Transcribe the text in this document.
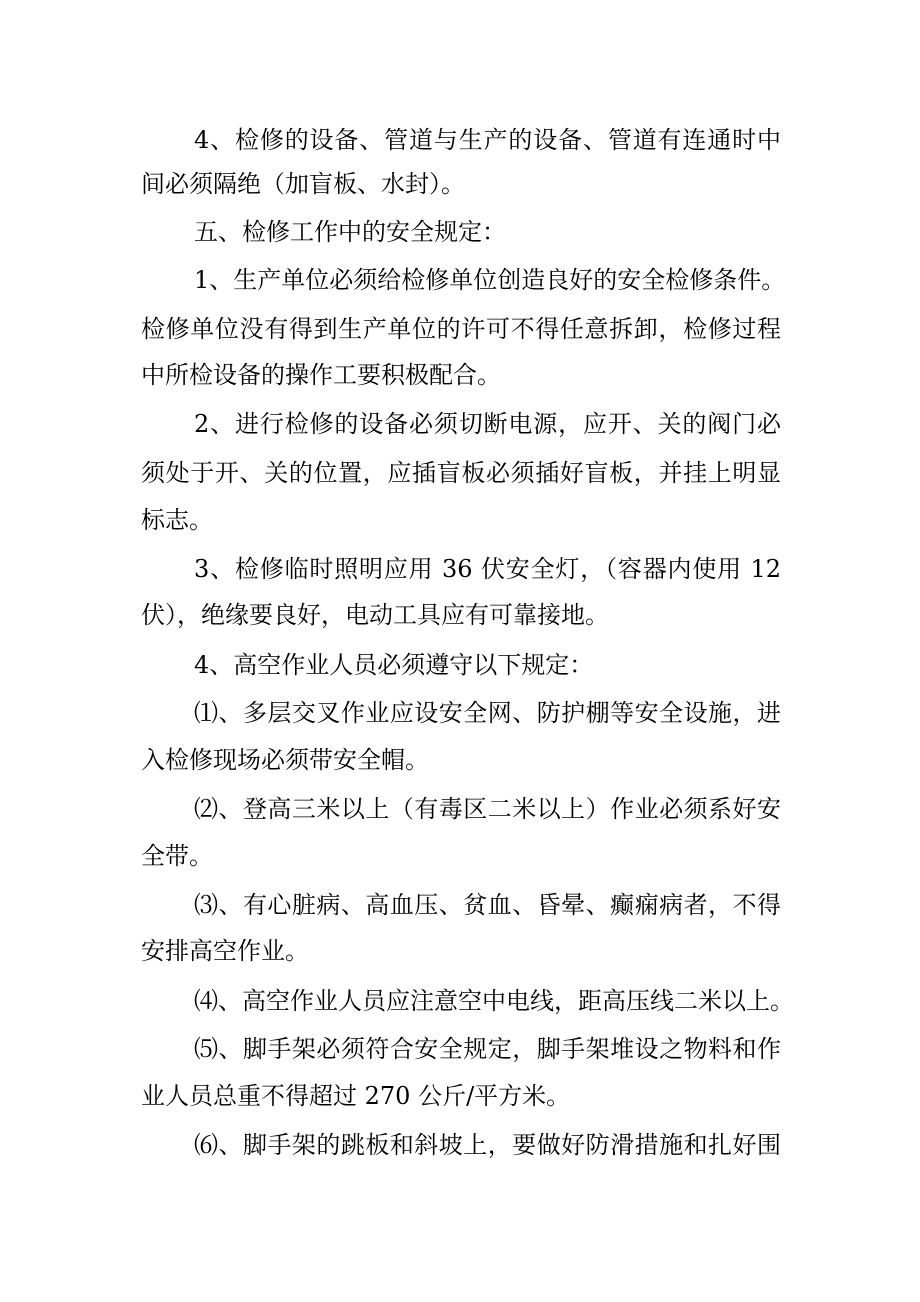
4、检修的设备、管道与生产的设备、管道有连通时中
间必须隔绝（加盲板、水封）。
五、检修工作中的安全规定：
1、生产单位必须给检修单位创造良好的安全检修条件。
检修单位没有得到生产单位的许可不得任意拆卸，检修过程
中所检设备的操作工要积极配合。
2、进行检修的设备必须切断电源，应开、关的阀门必
须处于开、关的位置，应插盲板必须插好盲板，并挂上明显
标志。
3、检修临时照明应用 36 伏安全灯，（容器内使用 12
伏），绝缘要良好，电动工具应有可靠接地。
4、高空作业人员必须遵守以下规定：
⑴、多层交叉作业应设安全网、防护棚等安全设施，进
入检修现场必须带安全帽。
⑵、登高三米以上（有毒区二米以上）作业必须系好安
全带。
⑶、有心脏病、高血压、贫血、昏晕、癫痫病者，不得
安排高空作业。
⑷、高空作业人员应注意空中电线，距高压线二米以上。
⑸、脚手架必须符合安全规定，脚手架堆设之物料和作
业人员总重不得超过 270 公斤/平方米。
⑹、脚手架的跳板和斜坡上，要做好防滑措施和扎好围
